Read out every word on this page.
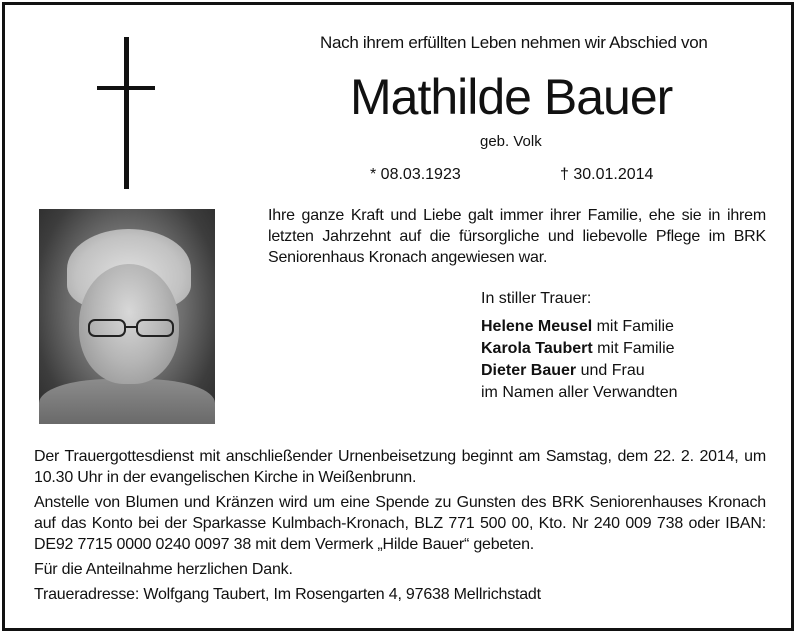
Nach ihrem erfüllten Leben nehmen wir Abschied von
Mathilde Bauer
geb. Volk
* 08.03.1923	† 30.01.2014
Ihre ganze Kraft und Liebe galt immer ihrer Familie, ehe sie in ihrem letzten Jahrzehnt auf die fürsorgliche und liebevolle Pflege im BRK Seniorenhaus Kronach angewiesen war.
In stiller Trauer:
Helene Meusel mit Familie
Karola Taubert mit Familie
Dieter Bauer und Frau
im Namen aller Verwandten

Der Trauergottesdienst mit anschließender Urnenbeisetzung beginnt am Samstag, dem 22. 2. 2014, um 10.30 Uhr in der evangelischen Kirche in Weißenbrunn.

Anstelle von Blumen und Kränzen wird um eine Spende zu Gunsten des BRK Seniorenhauses Kronach auf das Konto bei der Sparkasse Kulmbach-Kronach, BLZ 771 500 00, Kto. Nr 240 009 738 oder IBAN: DE92 7715 0000 0240 0097 38 mit dem Vermerk „Hilde Bauer“ gebeten.

Für die Anteilnahme herzlichen Dank.

Traueradresse: Wolfgang Taubert, Im Rosengarten 4, 97638 Mellrichstadt
